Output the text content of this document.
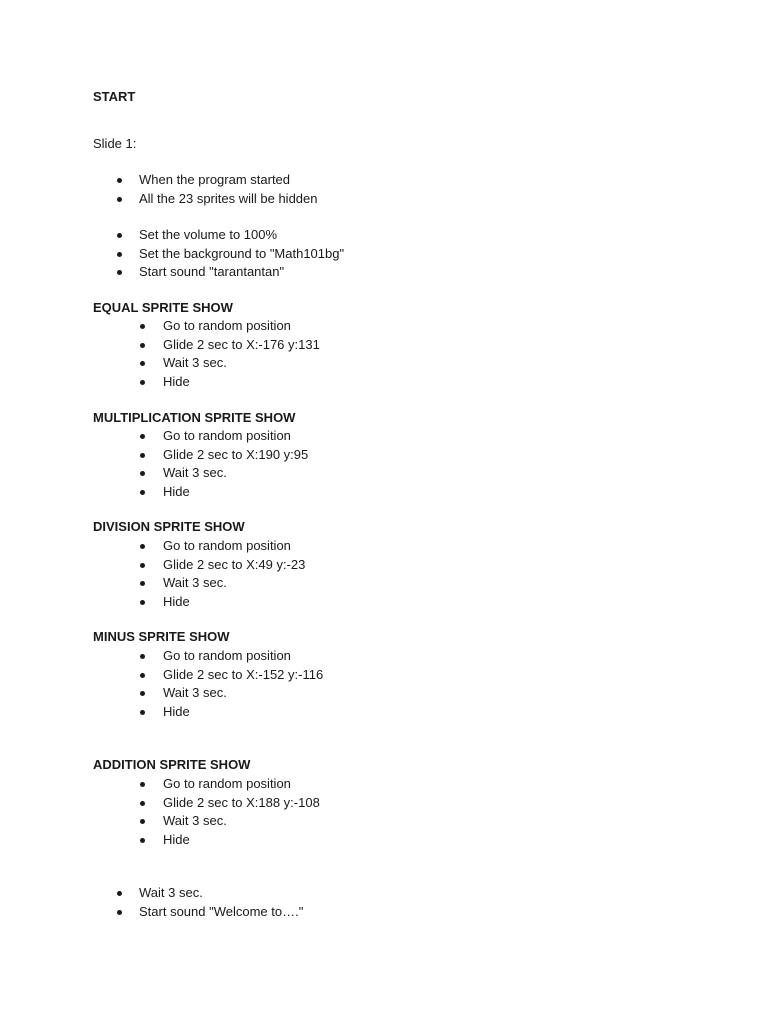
START
Slide 1:
When the program started
All the 23 sprites will be hidden
Set the volume to 100%
Set the background to "Math101bg"
Start sound "tarantantan"
EQUAL SPRITE SHOW
Go to random position
Glide 2 sec to X:-176 y:131
Wait 3 sec.
Hide
MULTIPLICATION SPRITE SHOW
Go to random position
Glide 2 sec to X:190 y:95
Wait 3 sec.
Hide
DIVISION SPRITE SHOW
Go to random position
Glide 2 sec to X:49 y:-23
Wait 3 sec.
Hide
MINUS SPRITE SHOW
Go to random position
Glide 2 sec to X:-152 y:-116
Wait 3 sec.
Hide
ADDITION SPRITE SHOW
Go to random position
Glide 2 sec to X:188 y:-108
Wait 3 sec.
Hide
Wait 3 sec.
Start sound "Welcome to…."
